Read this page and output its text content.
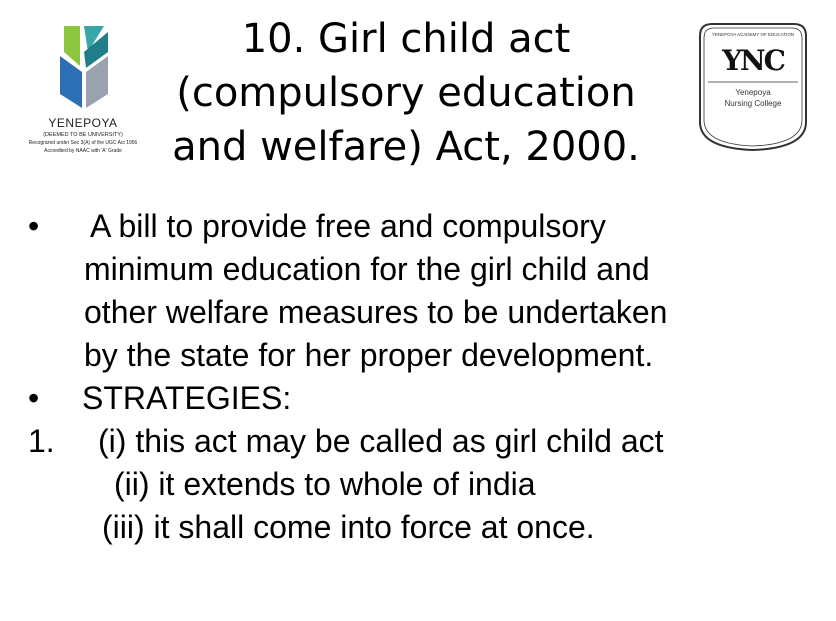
YENEPOYA
(DEEMED TO BE UNIVERSITY)
Recognized under Sec 3(A) of the UGC Act 1956
Accredited by NAAC with 'A' Grade
10. Girl child act
(compulsory education
and welfare) Act, 2000.
YENEPOYA ACADEMY OF EDUCATION
YNC
Yenepoya
Nursing College
•	A bill to provide free and compulsory
minimum education for the girl child and
other welfare measures to be undertaken
by the state for her proper development.
•	STRATEGIES:
1. (i) this act may be called as girl child act
(ii) it extends to whole of india
(iii) it shall come into force at once.
